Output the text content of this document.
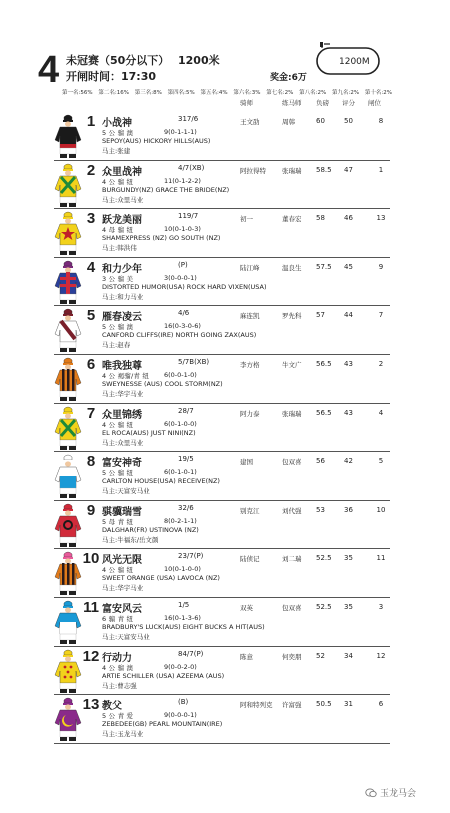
4 未冠赛（50分以下） 1200米
开闸时间：17:30	奖金:6万
1200M
第一名:56% 第二名:16% 第三名:8% 第四名:5% 第五名:4% 第六名:3% 第七名:2% 第八名:2% 第九名:2% 第十名:2%
骑师	练马师 负磅 评分 闸位
1 小战神	317/6
5 公 骝 澳	9(0-1-1-1)
SEPOY(AUS) HICKORY HILLS(AUS)
马主:张建
王文劭	周韩	60	50	8
2 众里战神	4/7(XB)
4 公 骝 纽	11(0-1-2-2)
BURGUNDY(NZ) GRACE THE BRIDE(NZ)
马主:众里马业
阿拉得特 张瑞瑞 58.5 47	1
3 跃龙美丽	119/7
4 母 骝 纽	10(0-1-0-3)
SHAMEXPRESS (NZ) GO SOUTH (NZ)
马主:韩洪伟
初一	董春宏 58	46	13
4 和力少年	(P)
3 公 骝 美	3(0-0-0-1)
DISTORTED HUMOR(USA) ROCK HARD VIXEN(USA)
马主:和力马业
陆江峰	温良生 57.5 45	9
5 雁春凌云	4/6
5 公 骝 澳	16(0-3-0-6)
CANFORD CLIFFS(IRE) NORTH GOING ZAX(AUS)
马主:赵春
麻连凯	罗先科 57	44	7
6 唯我独尊	5/7B(XB)
4 公 褐骝/青 纽 6(0-0-1-0)
SWEYNESSE (AUS) COOL STORM(NZ)
马主:华宇马业
李方格	牛文广 56.5 43	2
7 众里锦绣	28/7
4 公 骝 纽	6(0-1-0-0)
EL ROCA(AUS) JUST NINI(NZ)
马主:众里马业
阿力泰	张瑞瑞 56.5 43	4
8 富安神奇	19/5
5 公 骝 纽	6(0-1-0-1)
CARLTON HOUSE(USA) RECEIVE(NZ)
马主:天富安马业
建国	包双喜 56	42	5
9 骐骥瑞雪	32/6
5 母 青 纽	8(0-2-1-1)
DALGHAR(FR) USTINOVA (NZ)
马主:牛福东/岳文颜
别克江	刘代强 53	36	10
10 风光无限	23/7(P)
4 公 骝 纽	10(0-1-0-0)
SWEET ORANGE (USA) LAVOCA (NZ)
马主:华宇马业
陆侦记	刘二瑞 52.5 35	11
11 富安风云	1/5
6 骟 青 纽	16(0-1-3-6)
BRADBURY'S LUCK(AUS) EIGHT BUCKS A HIT(AUS)
马主:天富安马业
双英	包双喜 52.5 35	3
12 行动力	84/7(P)
4 公 骝 澳	9(0-0-2-0)
ARTIE SCHILLER (USA) AZEEMA (AUS)
马主:曹志强
陈意	何奕朋 52	34	12
13 教父	(B)
5 公 青 爱	9(0-0-0-1)
ZEBEDEE(GB) PEARL MOUNTAIN(IRE)
马主:玉龙马业
阿和特列克 许富强 50.5 31	6
玉龙马会
